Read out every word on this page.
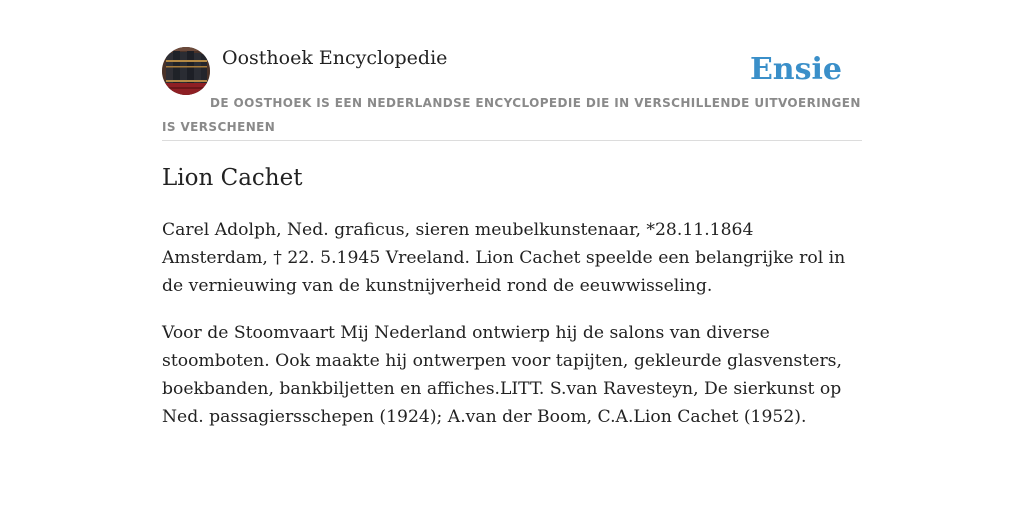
Oosthoek Encyclopedie	Ensie
DE OOSTHOEK IS EEN NEDERLANDSE ENCYCLOPEDIE DIE IN VERSCHILLENDE UITVOERINGEN IS VERSCHENEN
Lion Cachet

Carel Adolph, Ned. graficus, sieren meubelkunstenaar, *28.11.1864 Amsterdam, † 22. 5.1945 Vreeland. Lion Cachet speelde een belangrijke rol in de vernieuwing van de kunstnijverheid rond de eeuwwisseling.

Voor de Stoomvaart Mij Nederland ontwierp hij de salons van diverse stoomboten. Ook maakte hij ontwerpen voor tapijten, gekleurde glasvensters, boekbanden, bankbiljetten en affiches.LITT. S.van Ravesteyn, De sierkunst op Ned. passagiersschepen (1924); A.van der Boom, C.A.Lion Cachet (1952).
